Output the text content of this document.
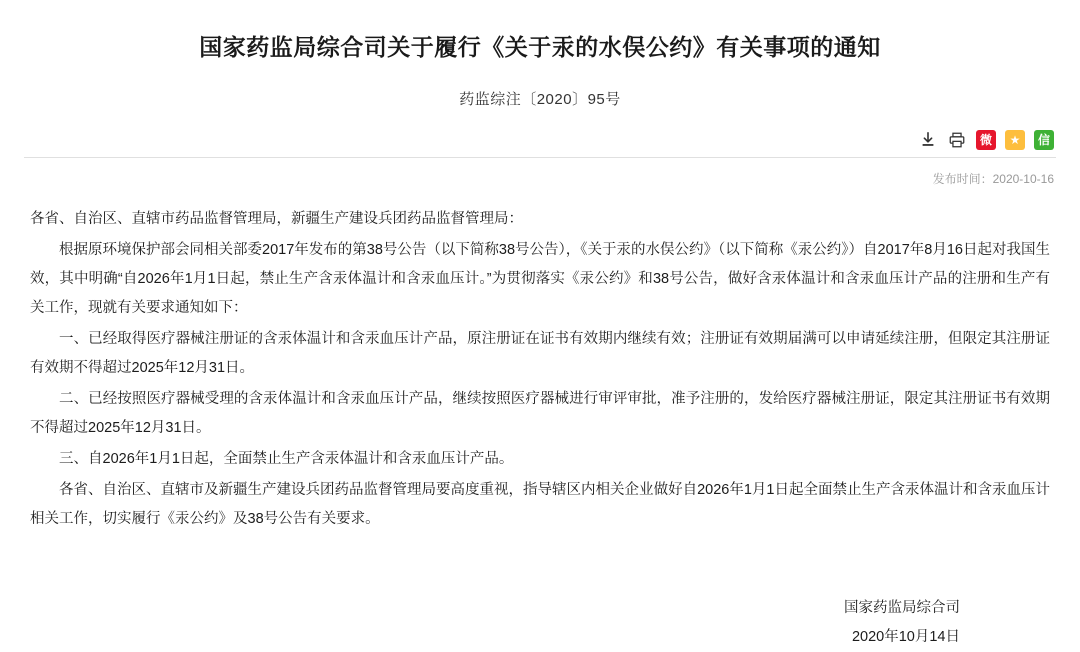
国家药监局综合司关于履行《关于汞的水俣公约》有关事项的通知
药监综注〔2020〕95号
微	★	信
发布时间：2020-10-16

各省、自治区、直辖市药品监督管理局，新疆生产建设兵团药品监督管理局：

根据原环境保护部会同相关部委2017年发布的第38号公告（以下简称38号公告），《关于汞的水俣公约》（以下简称《汞公约》）自2017年8月16日起对我国生效，其中明确“自2026年1月1日起，禁止生产含汞体温计和含汞血压计。”为贯彻落实《汞公约》和38号公告，做好含汞体温计和含汞血压计产品的注册和生产有关工作，现就有关要求通知如下：

一、已经取得医疗器械注册证的含汞体温计和含汞血压计产品，原注册证在证书有效期内继续有效；注册证有效期届满可以申请延续注册，但限定其注册证有效期不得超过2025年12月31日。

二、已经按照医疗器械受理的含汞体温计和含汞血压计产品，继续按照医疗器械进行审评审批，准予注册的，发给医疗器械注册证，限定其注册证书有效期不得超过2025年12月31日。

三、自2026年1月1日起，全面禁止生产含汞体温计和含汞血压计产品。

各省、自治区、直辖市及新疆生产建设兵团药品监督管理局要高度重视，指导辖区内相关企业做好自2026年1月1日起全面禁止生产含汞体温计和含汞血压计相关工作，切实履行《汞公约》及38号公告有关要求。

国家药监局综合司
2020年10月14日
